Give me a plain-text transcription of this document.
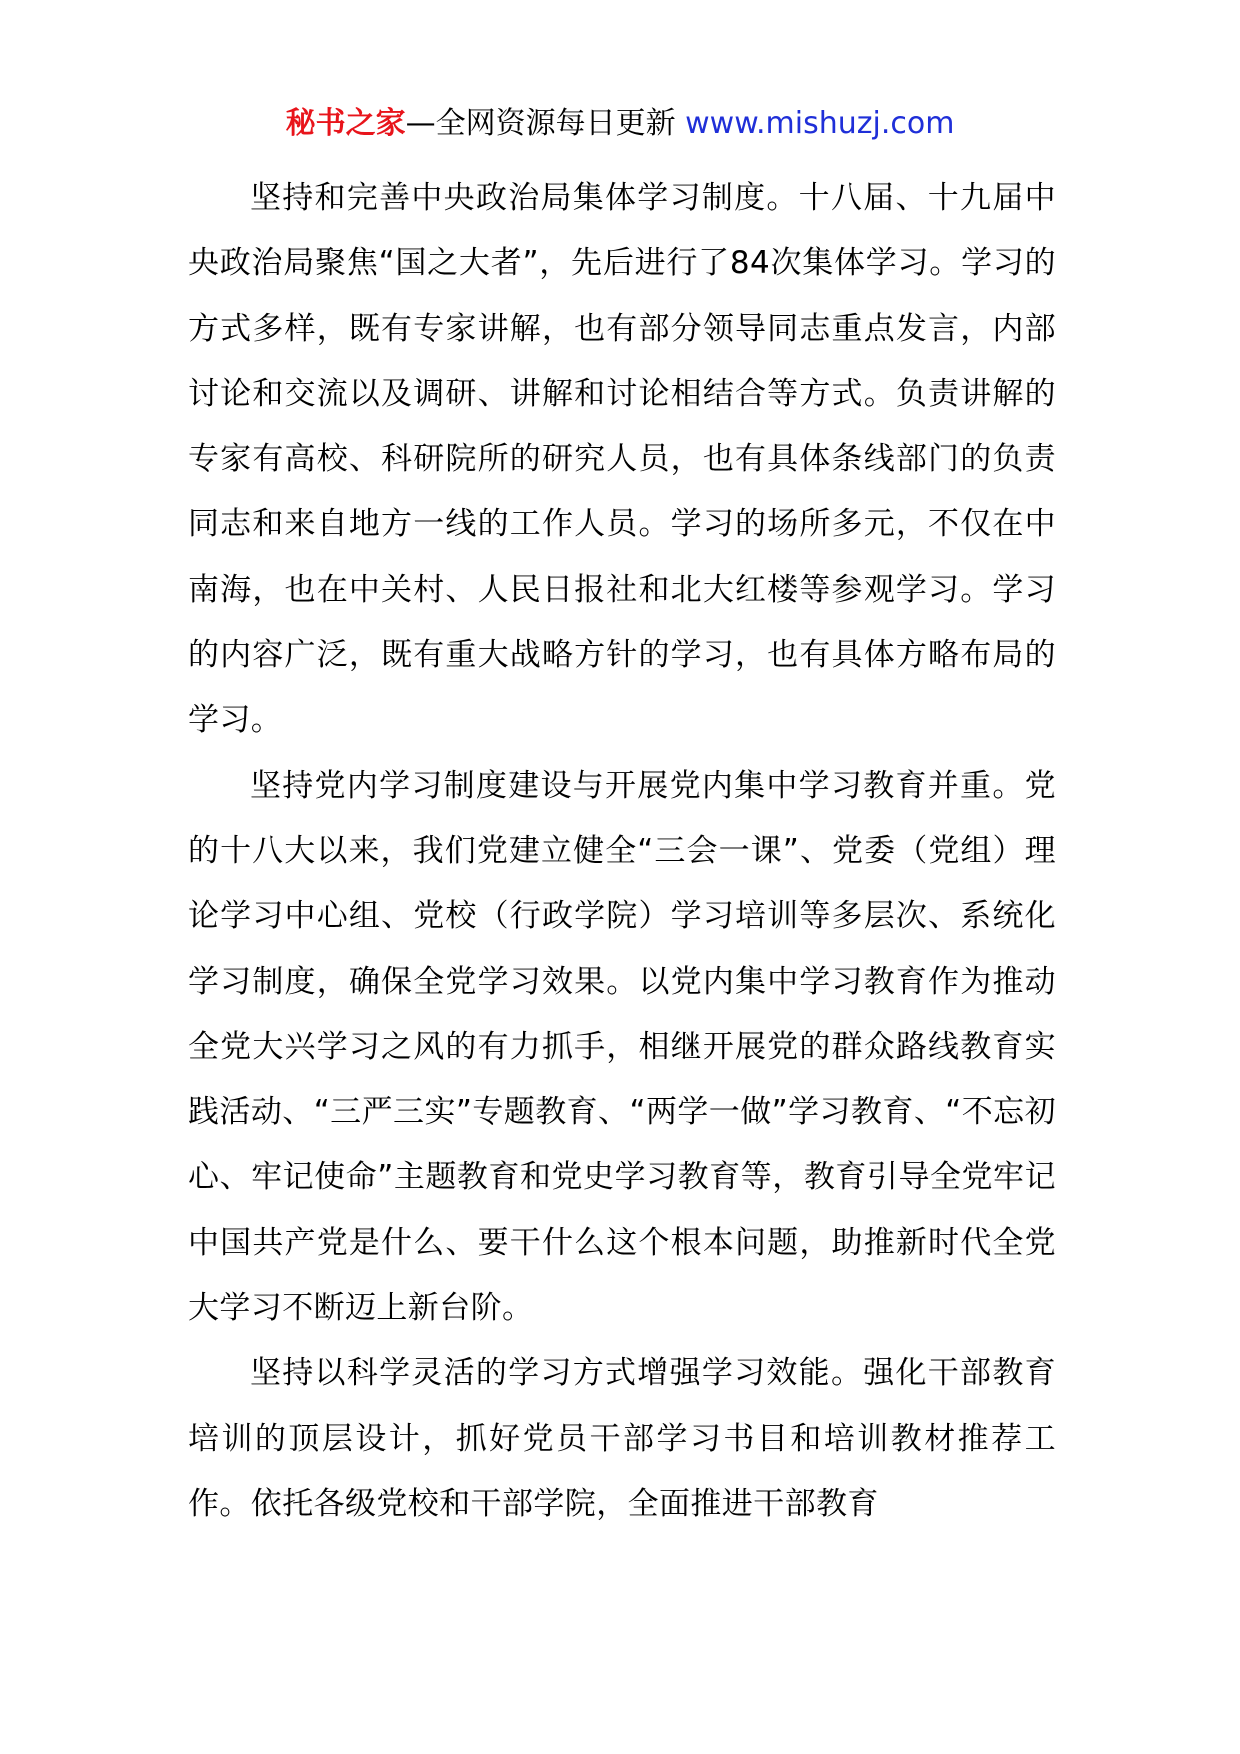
秘书之家—全网资源每日更新 www.mishuzj.com

坚持和完善中央政治局集体学习制度。十八届、十九届中央政治局聚焦“国之大者”，先后进行了84次集体学习。学习的方式多样，既有专家讲解，也有部分领导同志重点发言，内部讨论和交流以及调研、讲解和讨论相结合等方式。负责讲解的专家有高校、科研院所的研究人员，也有具体条线部门的负责同志和来自地方一线的工作人员。学习的场所多元，不仅在中南海，也在中关村、人民日报社和北大红楼等参观学习。学习的内容广泛，既有重大战略方针的学习，也有具体方略布局的学习。

坚持党内学习制度建设与开展党内集中学习教育并重。党的十八大以来，我们党建立健全“三会一课”、党委（党组）理论学习中心组、党校（行政学院）学习培训等多层次、系统化学习制度，确保全党学习效果。以党内集中学习教育作为推动全党大兴学习之风的有力抓手，相继开展党的群众路线教育实践活动、“三严三实”专题教育、“两学一做”学习教育、“不忘初心、牢记使命”主题教育和党史学习教育等，教育引导全党牢记中国共产党是什么、要干什么这个根本问题，助推新时代全党大学习不断迈上新台阶。

坚持以科学灵活的学习方式增强学习效能。强化干部教育培训的顶层设计，抓好党员干部学习书目和培训教材推荐工作。依托各级党校和干部学院，全面推进干部教育
